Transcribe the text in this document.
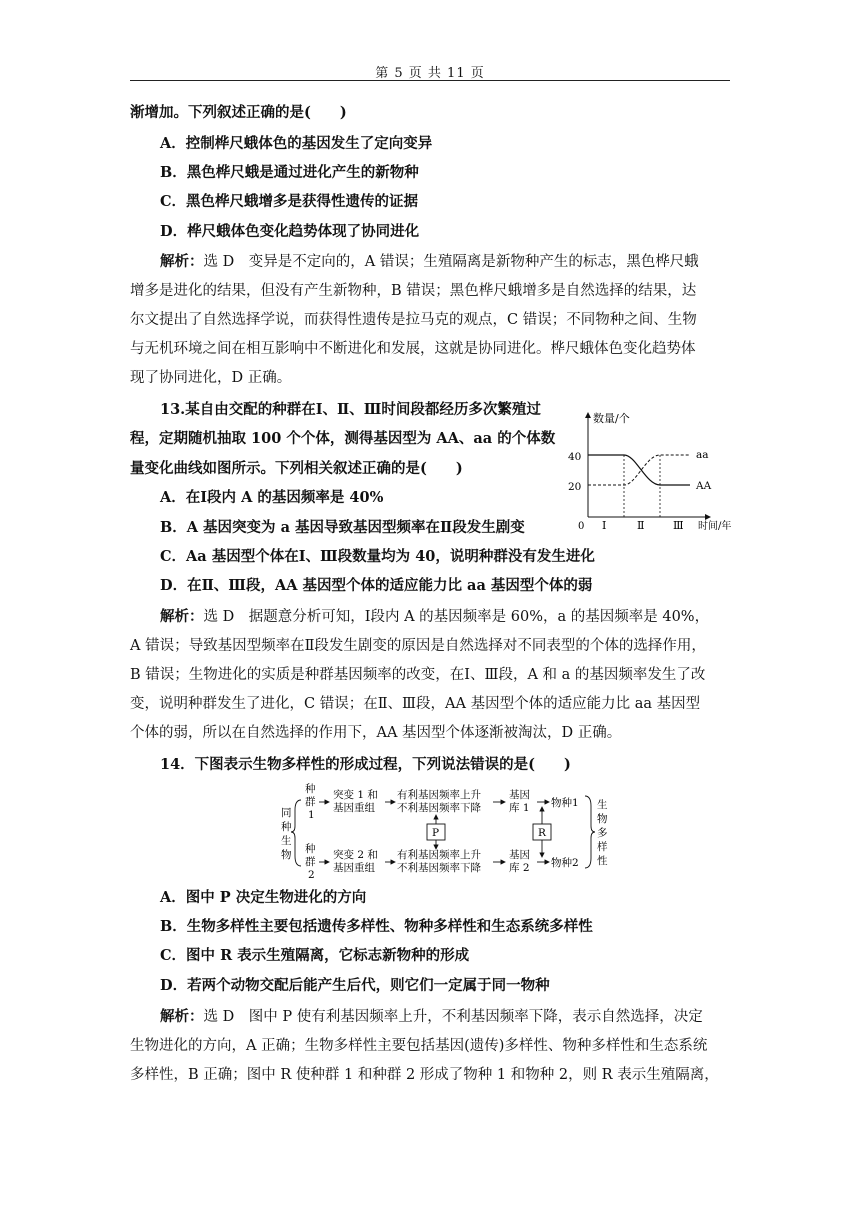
第 5 页 共 11 页
渐增加。下列叙述正确的是(　　)
A．控制桦尺蛾体色的基因发生了定向变异
B．黑色桦尺蛾是通过进化产生的新物种
C．黑色桦尺蛾增多是获得性遗传的证据
D．桦尺蛾体色变化趋势体现了协同进化
解析：选 D　变异是不定向的，A 错误；生殖隔离是新物种产生的标志，黑色桦尺蛾
增多是进化的结果，但没有产生新物种，B 错误；黑色桦尺蛾增多是自然选择的结果，达
尔文提出了自然选择学说，而获得性遗传是拉马克的观点，C 错误；不同物种之间、生物
与无机环境之间在相互影响中不断进化和发展，这就是协同进化。桦尺蛾体色变化趋势体
现了协同进化，D 正确。
13.某自由交配的种群在Ⅰ、Ⅱ、Ⅲ时间段都经历多次繁殖过
程，定期随机抽取 100 个个体，测得基因型为 AA、aa 的个体数
量变化曲线如图所示。下列相关叙述正确的是(　　)
A．在Ⅰ段内 A 的基因频率是 40%
B．A 基因突变为 a 基因导致基因型频率在Ⅱ段发生剧变
C．Aa 基因型个体在Ⅰ、Ⅲ段数量均为 40，说明种群没有发生进化
D．在Ⅱ、Ⅲ段，AA 基因型个体的适应能力比 aa 基因型个体的弱
数量/个
时间/年
0
40
20
Ⅰ	Ⅱ	Ⅲ
aa
AA
解析：选 D　据题意分析可知，Ⅰ段内 A 的基因频率是 60%，a 的基因频率是 40%，
A 错误；导致基因型频率在Ⅱ段发生剧变的原因是自然选择对不同表型的个体的选择作用，
B 错误；生物进化的实质是种群基因频率的改变，在Ⅰ、Ⅲ段，A 和 a 的基因频率发生了改
变，说明种群发生了进化，C 错误；在Ⅱ、Ⅲ段，AA 基因型个体的适应能力比 aa 基因型
个体的弱，所以在自然选择的作用下，AA 基因型个体逐渐被淘汰，D 正确。
14．下图表示生物多样性的形成过程，下列说法错误的是(　　)
同
种
生
物
种
群
1
种
群
2
突变 1 和
基因重组
突变 2 和
基因重组
有利基因频率上升
不利基因频率下降
有利基因频率上升
不利基因频率下降
P
基因
库 1
基因
库 2
R
物种1
物种2
生
物
多
样
性
A．图中 P 决定生物进化的方向
B．生物多样性主要包括遗传多样性、物种多样性和生态系统多样性
C．图中 R 表示生殖隔离，它标志新物种的形成
D．若两个动物交配后能产生后代，则它们一定属于同一物种
解析：选 D　图中 P 使有利基因频率上升，不利基因频率下降，表示自然选择，决定
生物进化的方向，A 正确；生物多样性主要包括基因(遗传)多样性、物种多样性和生态系统
多样性，B 正确；图中 R 使种群 1 和种群 2 形成了物种 1 和物种 2，则 R 表示生殖隔离，
